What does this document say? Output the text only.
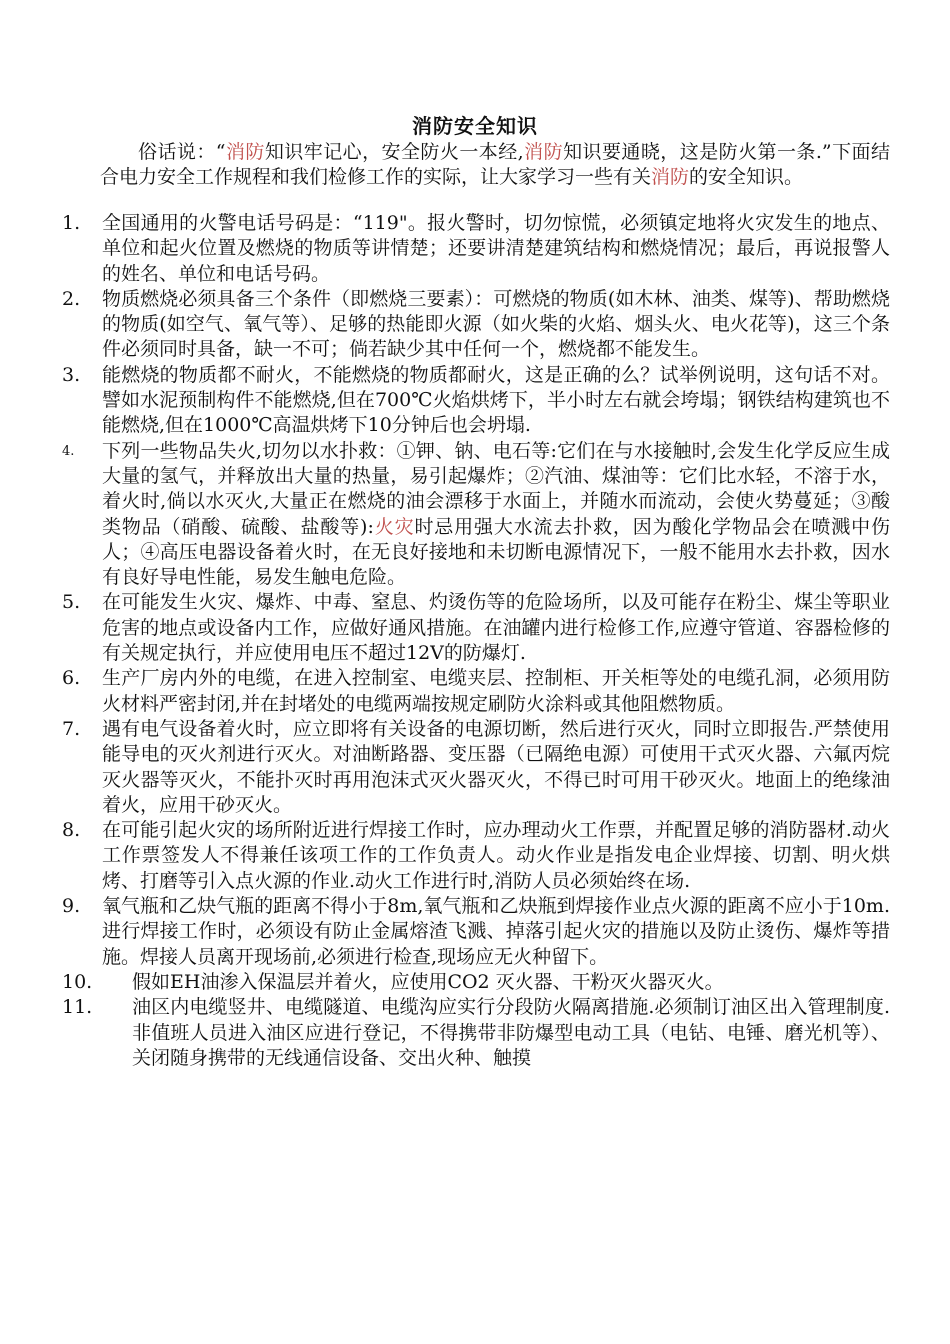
消防安全知识
俗话说：“消防知识牢记心，安全防火一本经,消防知识要通晓，这是防火第一条.”下面结合电力安全工作规程和我们检修工作的实际，让大家学习一些有关消防的安全知识。
1.	全国通用的火警电话号码是：“119"。报火警时，切勿惊慌，必须镇定地将火灾发生的地点、单位和起火位置及燃烧的物质等讲情楚；还要讲清楚建筑结构和燃烧情况；最后，再说报警人的姓名、单位和电话号码。
2.	物质燃烧必须具备三个条件（即燃烧三要素）：可燃烧的物质(如木林、油类、煤等)、帮助燃烧的物质(如空气、氧气等）、足够的热能即火源（如火柴的火焰、烟头火、电火花等)，这三个条件必须同时具备，缺一不可；倘若缺少其中任何一个，燃烧都不能发生。
3.	能燃烧的物质都不耐火，不能燃烧的物质都耐火，这是正确的么？试举例说明，这句话不对。譬如水泥预制构件不能燃烧,但在700℃火焰烘烤下，半小时左右就会垮塌；钢铁结构建筑也不能燃烧,但在1000℃高温烘烤下10分钟后也会坍塌.
4.	下列一些物品失火,切勿以水扑救：①钾、钠、电石等:它们在与水接触时,会发生化学反应生成大量的氢气，并释放出大量的热量，易引起爆炸；②汽油、煤油等：它们比水轻，不溶于水，着火时,倘以水灭火,大量正在燃烧的油会漂移于水面上，并随水而流动，会使火势蔓延；③酸类物品（硝酸、硫酸、盐酸等):火灾时忌用强大水流去扑救，因为酸化学物品会在喷溅中伤人；④高压电器设备着火时，在无良好接地和未切断电源情况下，一般不能用水去扑救，因水有良好导电性能，易发生触电危险。
5.	在可能发生火灾、爆炸、中毒、窒息、灼烫伤等的危险场所，以及可能存在粉尘、煤尘等职业危害的地点或设备内工作，应做好通风措施。在油罐内进行检修工作,应遵守管道、容器检修的有关规定执行，并应使用电压不超过12V的防爆灯.
6.	生产厂房内外的电缆，在进入控制室、电缆夹层、控制柜、开关柜等处的电缆孔洞，必须用防火材料严密封闭,并在封堵处的电缆两端按规定刷防火涂料或其他阻燃物质。
7.	遇有电气设备着火时，应立即将有关设备的电源切断，然后进行灭火，同时立即报告.严禁使用能导电的灭火剂进行灭火。对油断路器、变压器（已隔绝电源）可使用干式灭火器、六氟丙烷灭火器等灭火，不能扑灭时再用泡沫式灭火器灭火，不得已时可用干砂灭火。地面上的绝缘油着火，应用干砂灭火。
8.	在可能引起火灾的场所附近进行焊接工作时，应办理动火工作票，并配置足够的消防器材.动火工作票签发人不得兼任该项工作的工作负责人。动火作业是指发电企业焊接、切割、明火烘烤、打磨等引入点火源的作业.动火工作进行时,消防人员必须始终在场.
9.	氧气瓶和乙炔气瓶的距离不得小于8m,氧气瓶和乙炔瓶到焊接作业点火源的距离不应小于10m.进行焊接工作时，必须设有防止金属熔渣飞溅、掉落引起火灾的措施以及防止烫伤、爆炸等措施。焊接人员离开现场前,必须进行检查,现场应无火种留下。
10.	假如EH油渗入保温层并着火，应使用CO2 灭火器、干粉灭火器灭火。
11.	油区内电缆竖井、电缆隧道、电缆沟应实行分段防火隔离措施.必须制订油区出入管理制度.非值班人员进入油区应进行登记，不得携带非防爆型电动工具（电钻、电锤、磨光机等）、关闭随身携带的无线通信设备、交出火种、触摸
